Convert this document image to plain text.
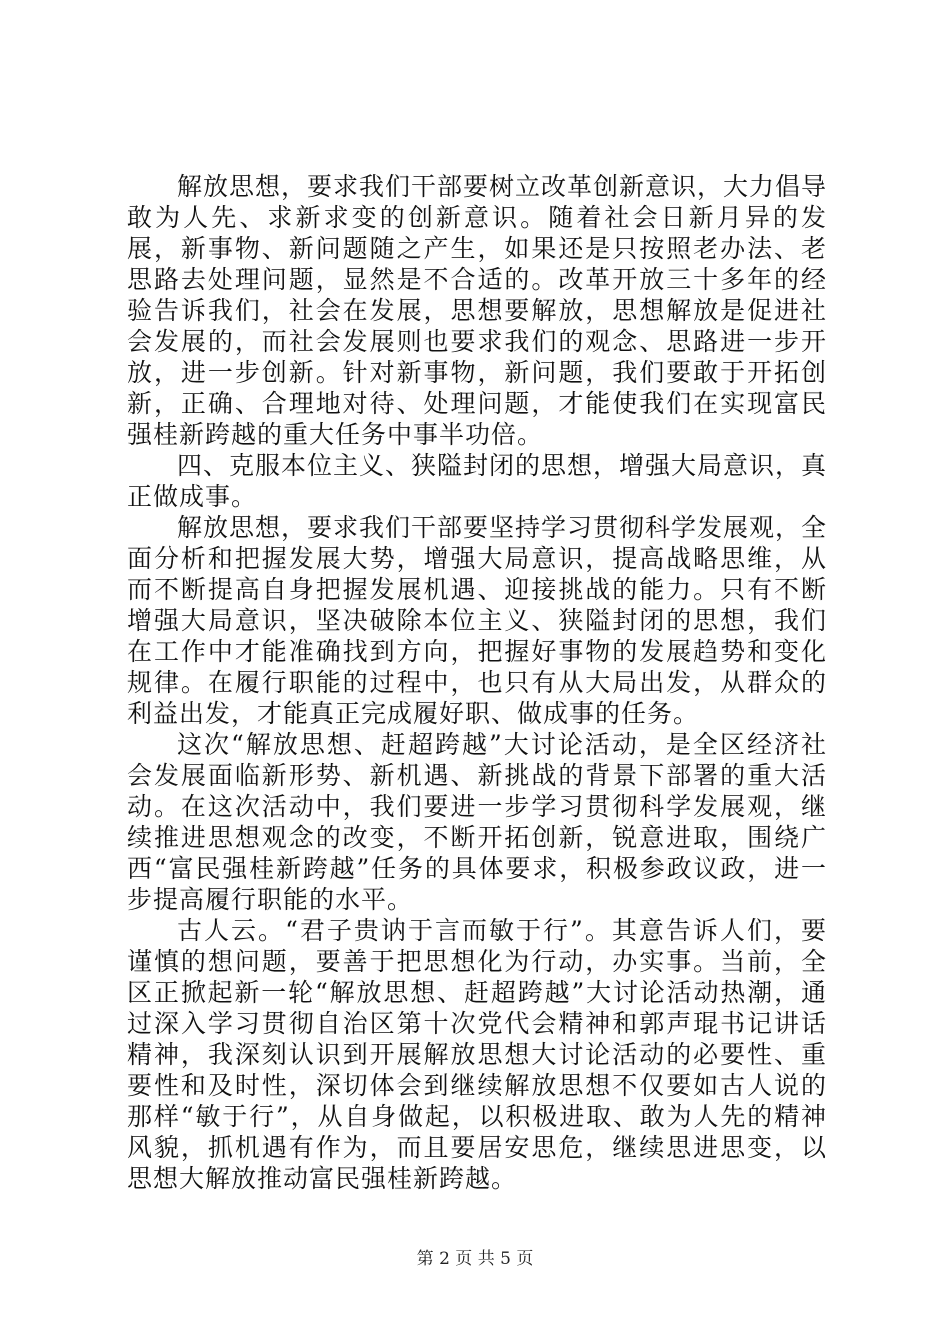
解放思想，要求我们干部要树立改革创新意识，大力倡导敢为人先、求新求变的创新意识。随着社会日新月异的发展，新事物、新问题随之产生，如果还是只按照老办法、老思路去处理问题，显然是不合适的。改革开放三十多年的经验告诉我们，社会在发展，思想要解放，思想解放是促进社会发展的，而社会发展则也要求我们的观念、思路进一步开放，进一步创新。针对新事物，新问题，我们要敢于开拓创新，正确、合理地对待、处理问题，才能使我们在实现富民强桂新跨越的重大任务中事半功倍。

四、克服本位主义、狭隘封闭的思想，增强大局意识，真正做成事。

解放思想，要求我们干部要坚持学习贯彻科学发展观，全面分析和把握发展大势，增强大局意识，提高战略思维，从而不断提高自身把握发展机遇、迎接挑战的能力。只有不断增强大局意识，坚决破除本位主义、狭隘封闭的思想，我们在工作中才能准确找到方向，把握好事物的发展趋势和变化规律。在履行职能的过程中，也只有从大局出发，从群众的利益出发，才能真正完成履好职、做成事的任务。

这次“解放思想、赶超跨越”大讨论活动，是全区经济社会发展面临新形势、新机遇、新挑战的背景下部署的重大活动。在这次活动中，我们要进一步学习贯彻科学发展观，继续推进思想观念的改变，不断开拓创新，锐意进取，围绕广西“富民强桂新跨越”任务的具体要求，积极参政议政，进一步提高履行职能的水平。

古人云。“君子贵讷于言而敏于行”。其意告诉人们，要谨慎的想问题，要善于把思想化为行动，办实事。当前，全区正掀起新一轮“解放思想、赶超跨越”大讨论活动热潮，通过深入学习贯彻自治区第十次党代会精神和郭声琨书记讲话精神，我深刻认识到开展解放思想大讨论活动的必要性、重要性和及时性，深切体会到继续解放思想不仅要如古人说的那样“敏于行”，从自身做起，以积极进取、敢为人先的精神风貌，抓机遇有作为，而且要居安思危，继续思进思变，以思想大解放推动富民强桂新跨越。

第 2 页 共 5 页
